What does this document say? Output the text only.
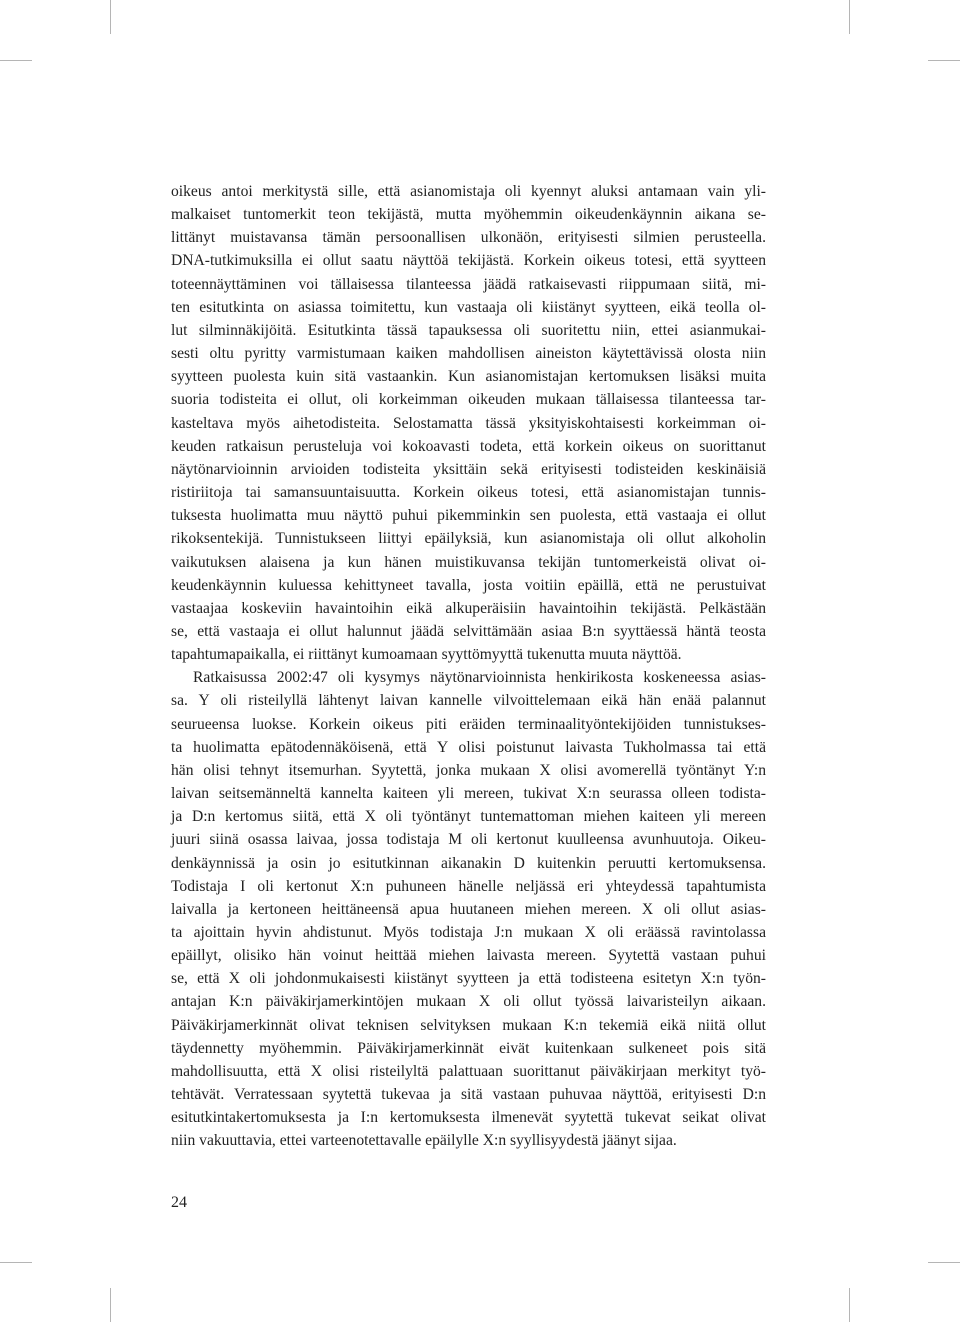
oikeus antoi merkitystä sille, että asianomistaja oli kyennyt aluksi antamaan vain yli-
malkaiset tuntomerkit teon tekijästä, mutta myöhemmin oikeudenkäynnin aikana se-
littänyt muistavansa tämän persoonallisen ulkonäön, erityisesti silmien perusteella.
DNA-tutkimuksilla ei ollut saatu näyttöä tekijästä. Korkein oikeus totesi, että syytteen
toteennäyttäminen voi tällaisessa tilanteessa jäädä ratkaisevasti riippumaan siitä, mi-
ten esitutkinta on asiassa toimitettu, kun vastaaja oli kiistänyt syytteen, eikä teolla ol-
lut silminnäkijöitä. Esitutkinta tässä tapauksessa oli suoritettu niin, ettei asianmukai-
sesti oltu pyritty varmistumaan kaiken mahdollisen aineiston käytettävissä olosta niin
syytteen puolesta kuin sitä vastaankin. Kun asianomistajan kertomuksen lisäksi muita
suoria todisteita ei ollut, oli korkeimman oikeuden mukaan tällaisessa tilanteessa tar-
kasteltava myös aihetodisteita. Selostamatta tässä yksityiskohtaisesti korkeimman oi-
keuden ratkaisun perusteluja voi kokoavasti todeta, että korkein oikeus on suorittanut
näytönarvioinnin arvioiden todisteita yksittäin sekä erityisesti todisteiden keskinäisiä
ristiriitoja tai samansuuntaisuutta. Korkein oikeus totesi, että asianomistajan tunnis-
tuksesta huolimatta muu näyttö puhui pikemminkin sen puolesta, että vastaaja ei ollut
rikoksentekijä. Tunnistukseen liittyi epäilyksiä, kun asianomistaja oli ollut alkoholin
vaikutuksen alaisena ja kun hänen muistikuvansa tekijän tuntomerkeistä olivat oi-
keudenkäynnin kuluessa kehittyneet tavalla, josta voitiin epäillä, että ne perustuivat
vastaajaa koskeviin havaintoihin eikä alkuperäisiin havaintoihin tekijästä. Pelkästään
se, että vastaaja ei ollut halunnut jäädä selvittämään asiaa B:n syyttäessä häntä teosta
tapahtumapaikalla, ei riittänyt kumoamaan syyttömyyttä tukenutta muuta näyttöä.
Ratkaisussa 2002:47 oli kysymys näytönarvioinnista henkirikosta koskeneessa asias-
sa. Y oli risteilyllä lähtenyt laivan kannelle vilvoittelemaan eikä hän enää palannut
seurueensa luokse. Korkein oikeus piti eräiden terminaalityöntekijöiden tunnistukses-
ta huolimatta epätodennäköisenä, että Y olisi poistunut laivasta Tukholmassa tai että
hän olisi tehnyt itsemurhan. Syytettä, jonka mukaan X olisi avomerellä työntänyt Y:n
laivan seitsemänneltä kannelta kaiteen yli mereen, tukivat X:n seurassa olleen todista-
ja D:n kertomus siitä, että X oli työntänyt tuntemattoman miehen kaiteen yli mereen
juuri siinä osassa laivaa, jossa todistaja M oli kertonut kuulleensa avunhuutoja. Oikeu-
denkäynnissä ja osin jo esitutkinnan aikanakin D kuitenkin peruutti kertomuksensa.
Todistaja I oli kertonut X:n puhuneen hänelle neljässä eri yhteydessä tapahtumista
laivalla ja kertoneen heittäneensä apua huutaneen miehen mereen. X oli ollut asias-
ta ajoittain hyvin ahdistunut. Myös todistaja J:n mukaan X oli eräässä ravintolassa
epäillyt, olisiko hän voinut heittää miehen laivasta mereen. Syytettä vastaan puhui
se, että X oli johdonmukaisesti kiistänyt syytteen ja että todisteena esitetyn X:n työn-
antajan K:n päiväkirjamerkintöjen mukaan X oli ollut työssä laivaristeilyn aikaan.
Päiväkirjamerkinnät olivat teknisen selvityksen mukaan K:n tekemiä eikä niitä ollut
täydennetty myöhemmin. Päiväkirjamerkinnät eivät kuitenkaan sulkeneet pois sitä
mahdollisuutta, että X olisi risteilyltä palattuaan suorittanut päiväkirjaan merkityt työ-
tehtävät. Verratessaan syytettä tukevaa ja sitä vastaan puhuvaa näyttöä, erityisesti D:n
esitutkintakertomuksesta ja I:n kertomuksesta ilmenevät syytettä tukevat seikat olivat
niin vakuuttavia, ettei varteenotettavalle epäilylle X:n syyllisyydestä jäänyt sijaa.
24
